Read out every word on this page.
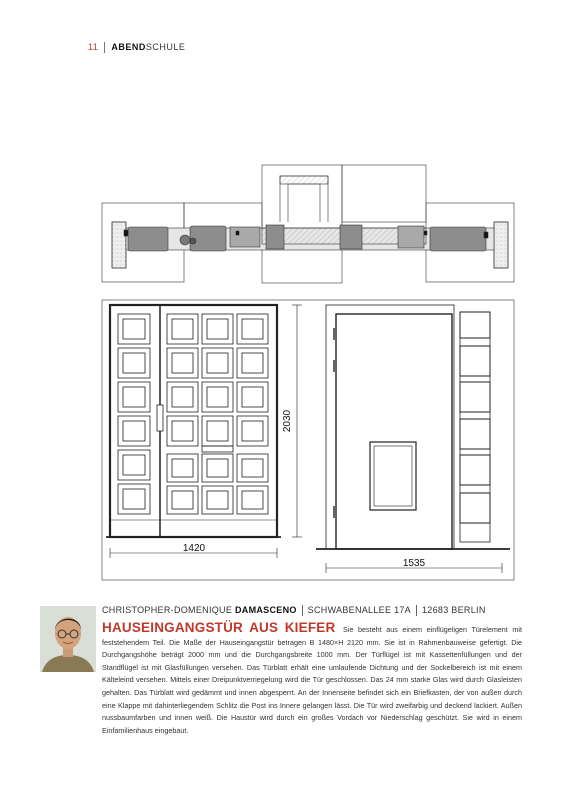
11 ABENDSCHULE
1420
1535
2030
CHRISTOPHER-DOMENIQUE DAMASCENO SCHWABENALLEE 17A 12683 BERLIN
HAUSEINGANGSTÜR AUS KIEFER Sie besteht aus einem einflügeligen Türelement mit feststehendem Teil. Die Maße der Hauseingangstür betragen B 1480×H 2120 mm. Sie ist in Rahmenbauweise gefertigt. Die Durchgangshöhe beträgt 2000 mm und die Durchgangsbreite 1000 mm. Der Türflügel ist mit Kassettenfüllungen und der Standflügel ist mit Glasfüllungen versehen. Das Türblatt erhält eine umlaufende Dichtung und der Sockelbereich ist mit einem Kälteleind versehen. Mittels einer Dreipunktverriegelung wird die Tür geschlossen. Das 24 mm starke Glas wird durch Glasleisten gehalten. Das Türblatt wird gedämmt und innen abgesperrt. An der Innenseite befindet sich ein Briefkasten, der von außen durch eine Klappe mit dahinterliegendem Schlitz die Post ins Innere gelangen lässt. Die Tür wird zweifarbig und deckend lackiert. Außen nussbaumfarben und innen weiß. Die Haustür wird durch ein großes Vordach vor Niederschlag geschützt. Sie wird in einem Einfamilienhaus eingebaut.
